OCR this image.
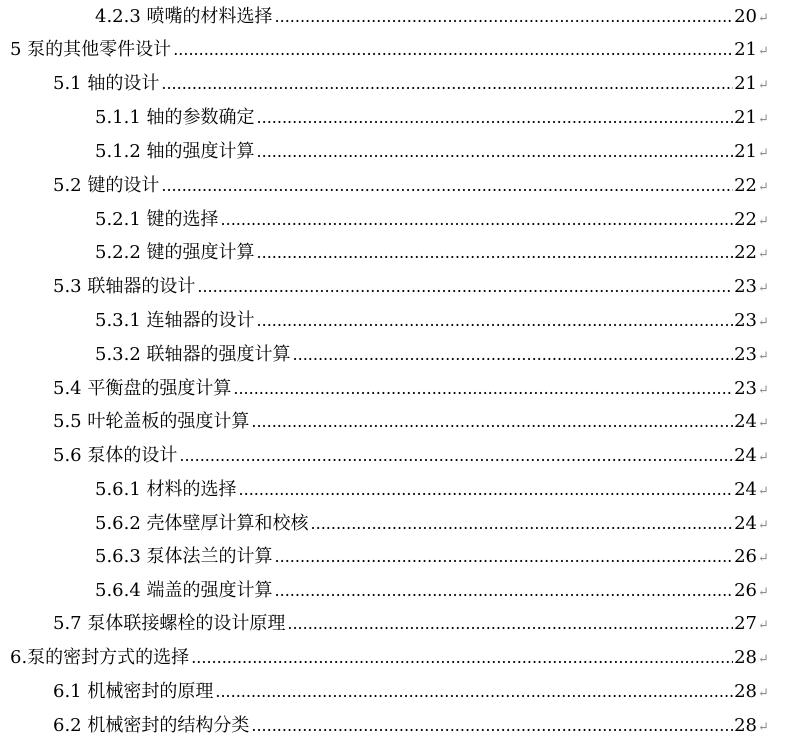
4.2.3 喷嘴的材料选择 .....	20 ↵
5 泵的其他零件设计 .....	21 ↵
5.1 轴的设计 .....	21 ↵
5.1.1 轴的参数确定 .....	21 ↵
5.1.2 轴的强度计算 .....	21 ↵
5.2 键的设计 .....	22 ↵
5.2.1 键的选择 .....	22 ↵
5.2.2 键的强度计算 .....	22 ↵
5.3 联轴器的设计 .....	23 ↵
5.3.1 连轴器的设计 .....	23 ↵
5.3.2 联轴器的强度计算 .....	23 ↵
5.4 平衡盘的强度计算 .....	23 ↵
5.5 叶轮盖板的强度计算 .....	24 ↵
5.6 泵体的设计 .....	24 ↵
5.6.1 材料的选择 .....	24 ↵
5.6.2 壳体壁厚计算和校核 .....	24 ↵
5.6.3 泵体法兰的计算 .....	26 ↵
5.6.4 端盖的强度计算 .....	26 ↵
5.7 泵体联接螺栓的设计原理 .....	27 ↵
6.泵的密封方式的选择 .....	28 ↵
6.1 机械密封的原理 .....	28 ↵
6.2 机械密封的结构分类 .....	28 ↵
